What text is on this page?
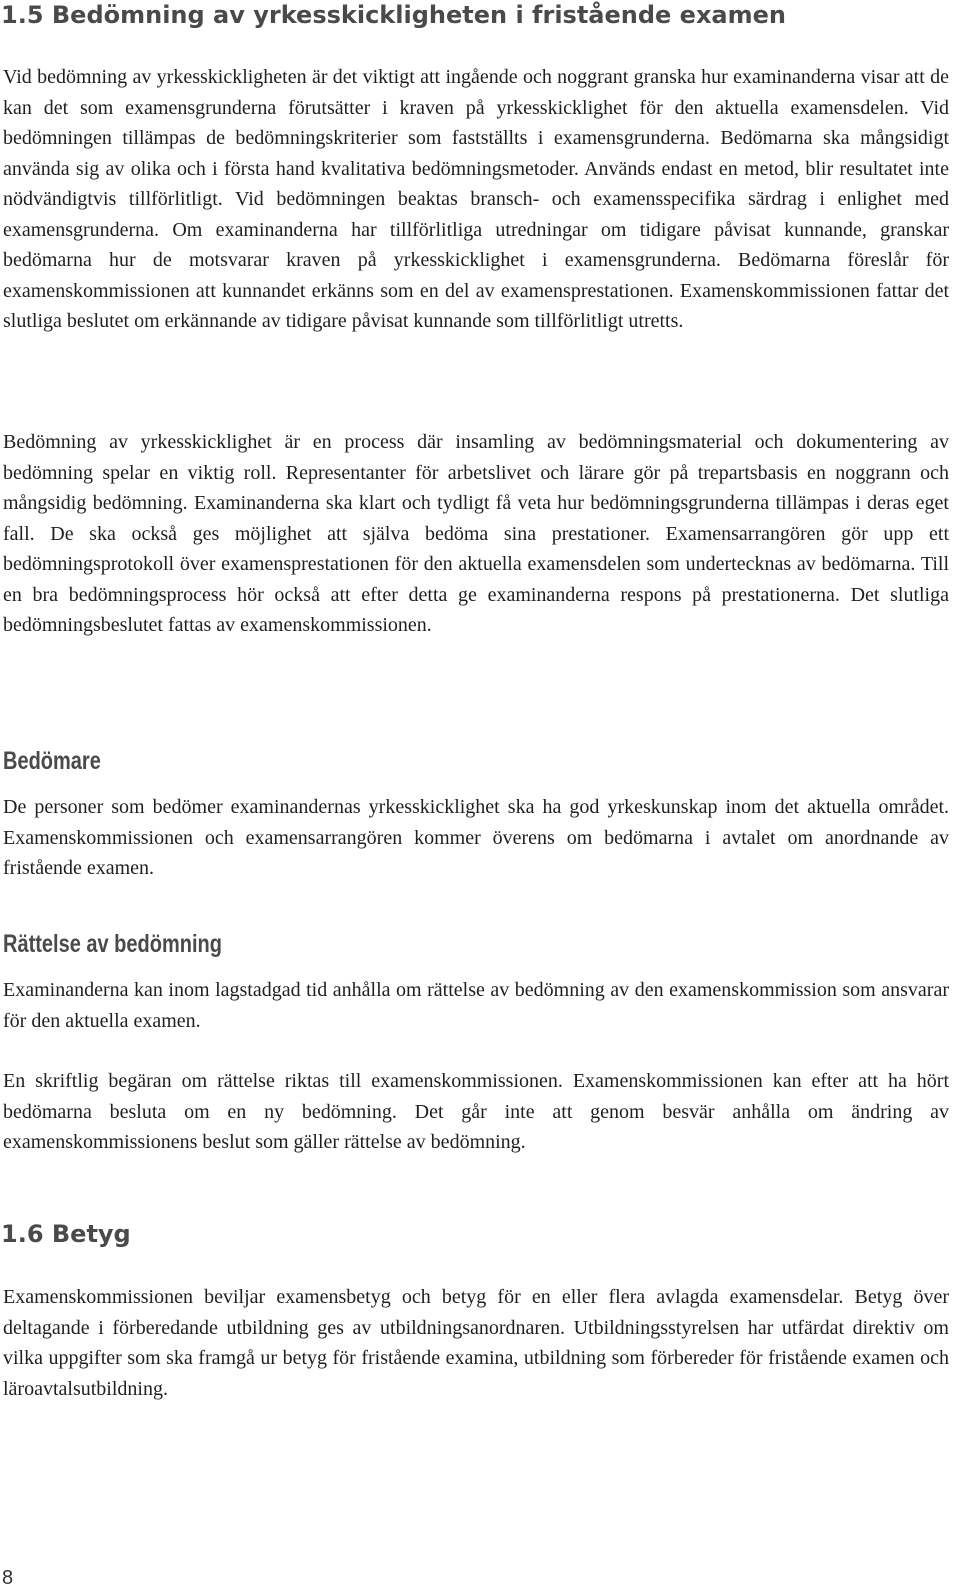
1.5 Bedömning av yrkesskickligheten i fristående examen

Vid bedömning av yrkesskickligheten är det viktigt att ingående och noggrant granska hur examinanderna visar att de kan det som examensgrunderna förutsätter i kraven på yrkesskicklighet för den aktuella examensdelen. Vid bedömningen tillämpas de bedömningskriterier som fastställts i examensgrunderna. Bedömarna ska mångsidigt använda sig av olika och i första hand kvalitativa bedömningsmetoder. Används endast en metod, blir resultatet inte nödvändigtvis tillförlitligt. Vid bedömningen beaktas bransch- och examensspecifika särdrag i enlighet med examensgrunderna. Om examinanderna har tillförlitliga utredningar om tidigare påvisat kunnande, granskar bedömarna hur de motsvarar kraven på yrkesskicklighet i examensgrunderna. Bedömarna föreslår för examenskommissionen att kunnandet erkänns som en del av examensprestationen. Examenskommissionen fattar det slutliga beslutet om erkännande av tidigare påvisat kunnande som tillförlitligt utretts.

Bedömning av yrkesskicklighet är en process där insamling av bedömningsmaterial och dokumentering av bedömning spelar en viktig roll. Representanter för arbetslivet och lärare gör på trepartsbasis en noggrann och mångsidig bedömning. Examinanderna ska klart och tydligt få veta hur bedömningsgrunderna tillämpas i deras eget fall. De ska också ges möjlighet att själva bedöma sina prestationer. Examensarrangören gör upp ett bedömningsprotokoll över examensprestationen för den aktuella examensdelen som undertecknas av bedömarna. Till en bra bedömningsprocess hör också att efter detta ge examinanderna respons på prestationerna. Det slutliga bedömningsbeslutet fattas av examenskommissionen.

Bedömare

De personer som bedömer examinandernas yrkesskicklighet ska ha god yrkeskunskap inom det aktuella området. Examenskommissionen och examensarrangören kommer överens om bedömarna i avtalet om anordnande av fristående examen.

Rättelse av bedömning

Examinanderna kan inom lagstadgad tid anhålla om rättelse av bedömning av den examenskommission som ansvarar för den aktuella examen.

En skriftlig begäran om rättelse riktas till examenskommissionen. Examenskommissionen kan efter att ha hört bedömarna besluta om en ny bedömning. Det går inte att genom besvär anhålla om ändring av examenskommissionens beslut som gäller rättelse av bedömning.

1.6 Betyg

Examenskommissionen beviljar examensbetyg och betyg för en eller flera avlagda examensdelar. Betyg över deltagande i förberedande utbildning ges av utbildningsanordnaren. Utbildningsstyrelsen har utfärdat direktiv om vilka uppgifter som ska framgå ur betyg för fristående examina, utbildning som förbereder för fristående examen och läroavtalsutbildning.

8
